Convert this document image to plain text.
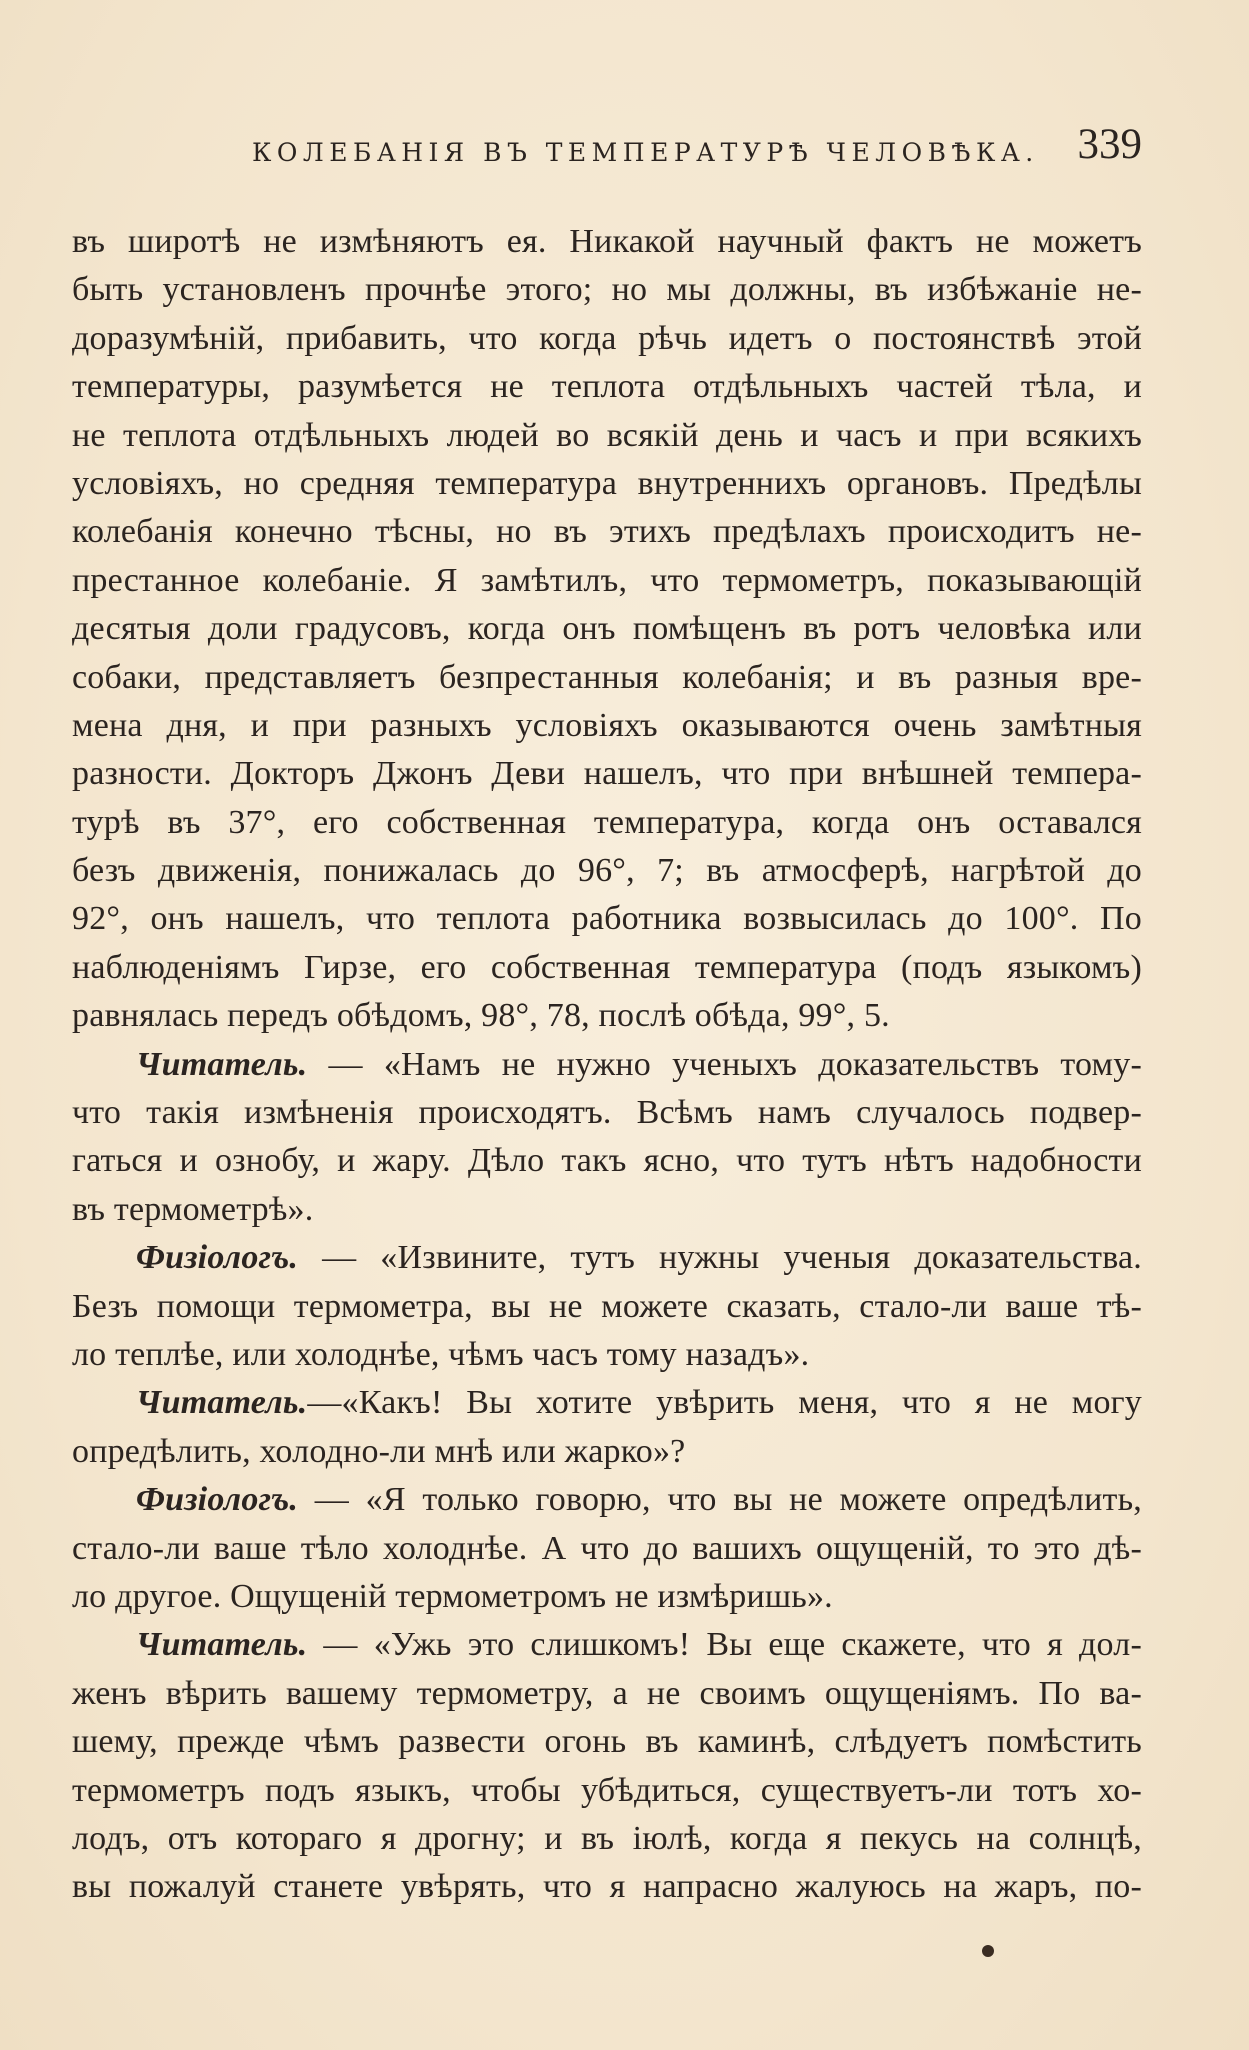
КОЛЕБАНІЯ ВЪ ТЕМПЕРАТУРѢ ЧЕЛОВѢКА. 339
въ широтѣ не измѣняютъ ея. Никакой научный фактъ не можетъ
быть установленъ прочнѣе этого; но мы должны, въ избѣжаніе не-
доразумѣній, прибавить, что когда рѣчь идетъ о постоянствѣ этой
температуры, разумѣется не теплота отдѣльныхъ частей тѣла, и
не теплота отдѣльныхъ людей во всякій день и часъ и при всякихъ
условіяхъ, но средняя температура внутреннихъ органовъ. Предѣлы
колебанія конечно тѣсны, но въ этихъ предѣлахъ происходитъ не-
престанное колебаніе. Я замѣтилъ, что термометръ, показывающій
десятыя доли градусовъ, когда онъ помѣщенъ въ ротъ человѣка или
собаки, представляетъ безпрестанныя колебанія; и въ разныя вре-
мена дня, и при разныхъ условіяхъ оказываются очень замѣтныя
разности. Докторъ Джонъ Деви нашелъ, что при внѣшней темпера-
турѣ въ 37°, его собственная температура, когда онъ оставался
безъ движенія, понижалась до 96°, 7; въ атмосферѣ, нагрѣтой до
92°, онъ нашелъ, что теплота работника возвысилась до 100°. По
наблюденіямъ Гирзе, его собственная температура (подъ языкомъ)
равнялась передъ обѣдомъ, 98°, 78, послѣ обѣда, 99°, 5.
Читатель. — «Намъ не нужно ученыхъ доказательствъ тому-
что такія измѣненія происходятъ. Всѣмъ намъ случалось подвер-
гаться и ознобу, и жару. Дѣло такъ ясно, что тутъ нѣтъ надобности
въ термометрѣ».
Физіологъ. — «Извините, тутъ нужны ученыя доказательства.
Безъ помощи термометра, вы не можете сказать, стало-ли ваше тѣ-
ло теплѣе, или холоднѣе, чѣмъ часъ тому назадъ».
Читатель.—«Какъ! Вы хотите увѣрить меня, что я не могу
опредѣлить, холодно-ли мнѣ или жарко»?
Физіологъ. — «Я только говорю, что вы не можете опредѣлить,
стало-ли ваше тѣло холоднѣе. А что до вашихъ ощущеній, то это дѣ-
ло другое. Ощущеній термометромъ не измѣришь».
Читатель. — «Ужь это слишкомъ! Вы еще скажете, что я дол-
женъ вѣрить вашему термометру, а не своимъ ощущеніямъ. По ва-
шему, прежде чѣмъ развести огонь въ каминѣ, слѣдуетъ помѣстить
термометръ подъ языкъ, чтобы убѣдиться, существуетъ-ли тотъ хо-
лодъ, отъ котораго я дрогну; и въ іюлѣ, когда я пекусь на солнцѣ,
вы пожалуй станете увѣрять, что я напрасно жалуюсь на жаръ, по-
